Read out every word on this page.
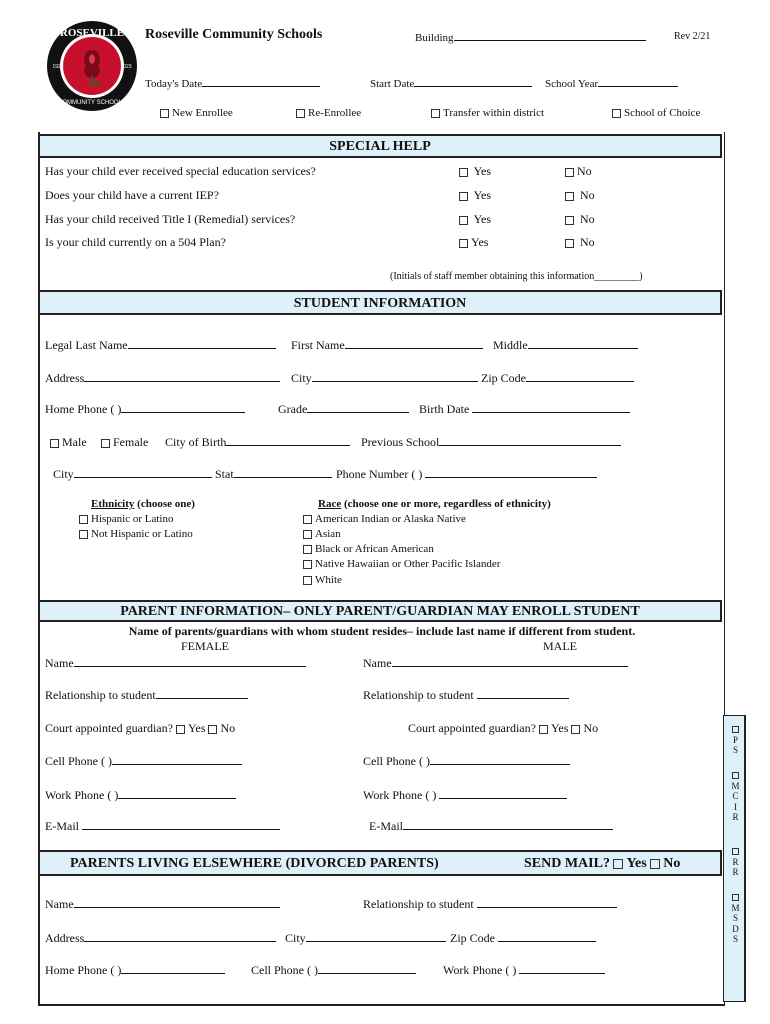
ROSEVILLE
COMMUNITY SCHOOLS
1923	2023
Roseville Community Schools	Building	Rev 2/21
Today's Date	Start Date	School Year
New Enrollee	Re-Enrollee	Transfer within district	School of Choice
SPECIAL HELP
Has your child ever received special education services?	Yes	No
Does your child have a current IEP?	Yes	No
Has your child received Title I (Remedial) services?	Yes	No
Is your child currently on a 504 Plan?	Yes	No
(Initials of staff member obtaining this information_________)
STUDENT INFORMATION
Legal Last Name	First Name	Middle
Address	City	Zip Code
Home Phone ( )	Grade	Birth Date
Male	Female City of Birth	Previous School
City	Stat	Phone Number ( )
Ethnicity (choose one)
Hispanic or Latino
Not Hispanic or Latino
Race (choose one or more, regardless of ethnicity)
American Indian or Alaska Native
Asian
Black or African American
Native Hawaiian or Other Pacific Islander
White
PARENT INFORMATION– ONLY PARENT/GUARDIAN MAY ENROLL STUDENT
Name of parents/guardians with whom student resides– include last name if different from student.
FEMALE	MALE
Name	Name
Relationship to student	Relationship to student
Court appointed guardian? Yes No	Court appointed guardian? Yes No
Cell Phone ( )	Cell Phone ( )
Work Phone ( )	Work Phone ( )
E-Mail	E-Mail
PARENTS LIVING ELSEWHERE (DIVORCED PARENTS)	SEND MAIL? Yes No
Name	Relationship to student
Address	City	Zip Code
Home Phone ( )	Cell Phone ( )	Work Phone ( )
PS
MCIR
RR
MSDS
